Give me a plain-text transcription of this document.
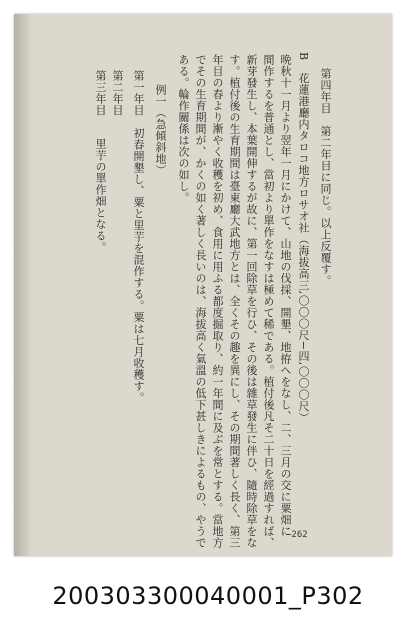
第四年目　第二年目に同じ。以上反覆す。
B　花蓮港廳内タロコ地方ロサオ社（海拔高三,〇〇〇尺−四,〇〇〇尺）
晩秋十一月より翌年一月にかけて、山地の伐採、開墾、地拵へをなし、二、三月の交に粟畑に
間作するを普通とし、當初より單作をなすは極めて稀である。植付後凡そ二十日を經過すれば、
新芽發生し、本葉開伸するが故に、第一回除草を行ひ、その後は雜草發生に伴ひ、隨時除草をな
す。植付後の生育期間は臺東廳大武地方とは、全くその趣を異にし、その期間著しく長く、第三
年目の春より漸やく收穫を初め、食用に用ふる都度掘取り、約一年間に及ぶを常とする。當地方
でその生育期間が、かくの如く著しく長いのは、海拔高く氣溫の低下甚しきによるもの、やうで
ある。輪作關係は次の如し。
例一（急傾斜地）
第一年目　初春開墾し、粟と里芋を混作する。粟は七月收穫す。
第二年目
第三年目
里芋の單作畑となる。
—262
200303300040001_P302
